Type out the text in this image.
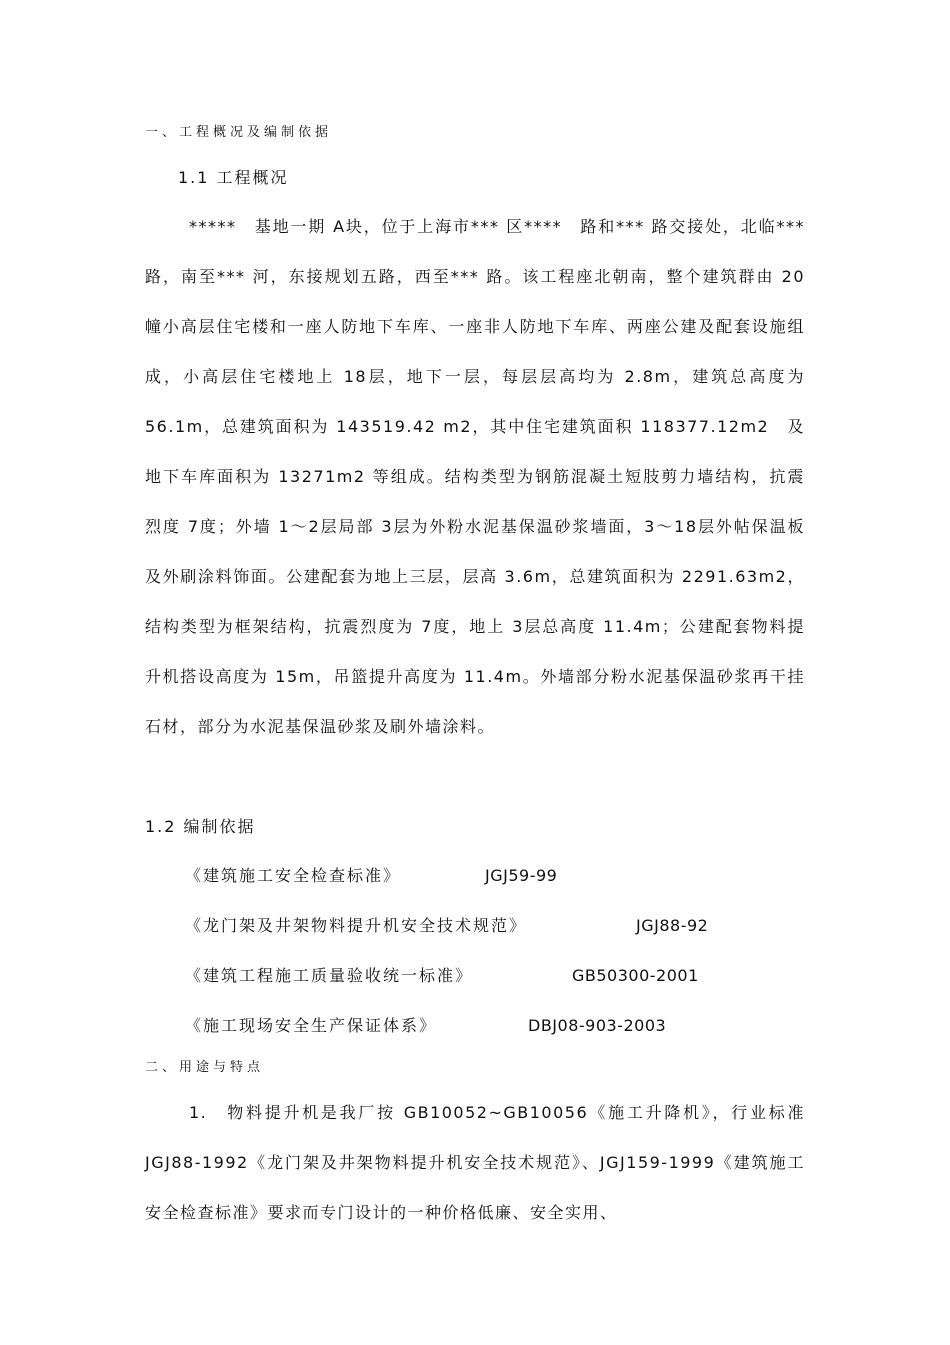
一、工程概况及编制依据
1.1 工程概况

*****　基地一期 A块，位于上海市*** 区****　路和*** 路交接处，北临*** 路，南至*** 河，东接规划五路，西至*** 路。该工程座北朝南，整个建筑群由 20幢小高层住宅楼和一座人防地下车库、一座非人防地下车库、两座公建及配套设施组成，小高层住宅楼地上 18层，地下一层，每层层高均为 2.8m，建筑总高度为 56.1m，总建筑面积为 143519.42 m2，其中住宅建筑面积 118377.12m2　及地下车库面积为 13271m2 等组成。结构类型为钢筋混凝土短肢剪力墙结构，抗震烈度 7度；外墙 1～2层局部 3层为外粉水泥基保温砂浆墙面，3～18层外帖保温板及外刷涂料饰面。公建配套为地上三层，层高 3.6m，总建筑面积为 2291.63m2，结构类型为框架结构，抗震烈度为 7度，地上 3层总高度 11.4m；公建配套物料提升机搭设高度为 15m，吊篮提升高度为 11.4m。外墙部分粉水泥基保温砂浆再干挂石材，部分为水泥基保温砂浆及刷外墙涂料。

1.2 编制依据
《建筑施工安全检查标准》	JGJ59-99
《龙门架及井架物料提升机安全技术规范》	JGJ88-92
《建筑工程施工质量验收统一标准》	GB50300-2001
《施工现场安全生产保证体系》	DBJ08-903-2003
二、用途与特点

1.　物料提升机是我厂按 GB10052~GB10056《施工升降机》，行业标准 JGJ88-1992《龙门架及井架物料提升机安全技术规范》、JGJ159-1999《建筑施工安全检查标准》要求而专门设计的一种价格低廉、安全实用、
